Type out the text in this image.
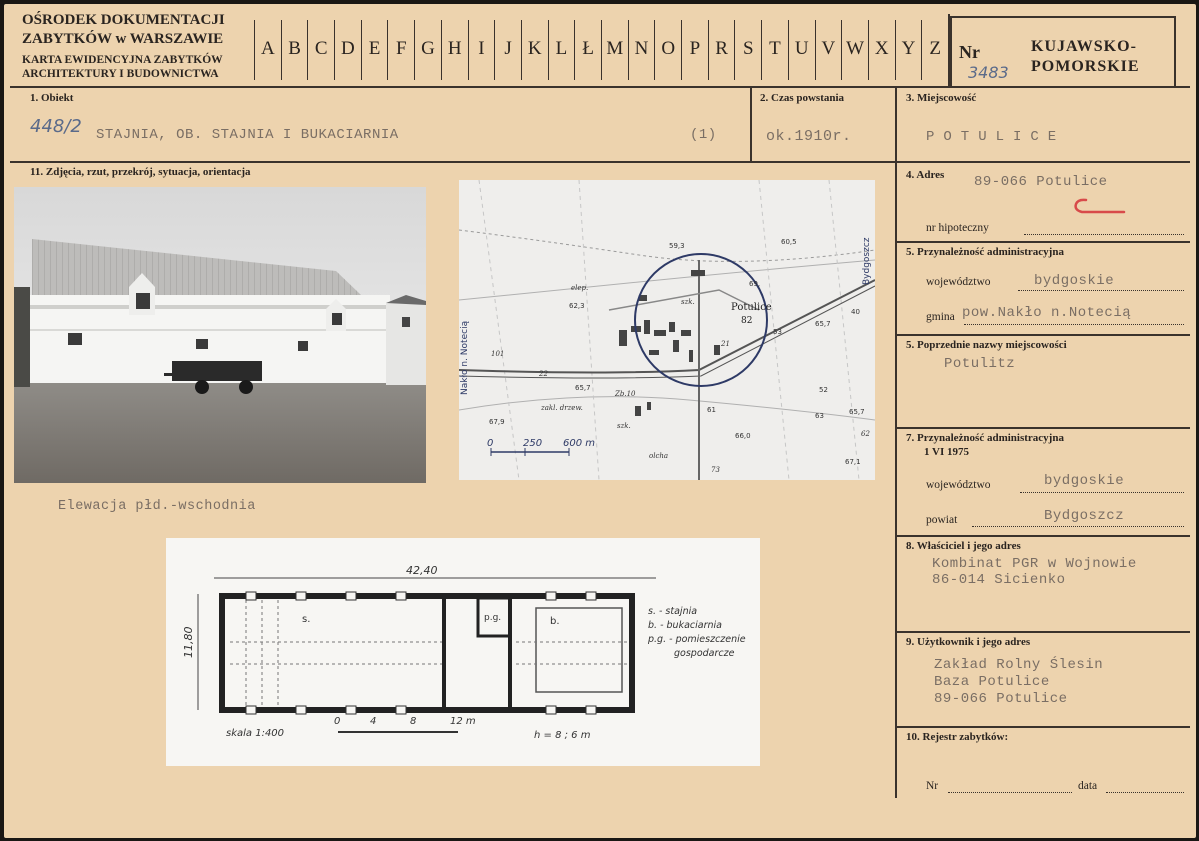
OŚRODEK DOKUMENTACJI
ZABYTKÓW w WARSZAWIE
KARTA EWIDENCYJNA ZABYTKÓW
ARCHITEKTURY I BUDOWNICTWA
A B C D E F G H I	J K L Ł M N O P R S T U V W X Y Z	Nr
3483
KUJAWSKO-
POMORSKIE
1. Obiekt
448/2 STAJNIA, OB. STAJNIA I BUKACIARNIA	(1)
2. Czas powstania
ok.1910r.
3. Miejscowość
POTULICE
11. Zdjęcia, rzut, przekrój, sytuacja, orientacja
Potulice
82
Nakło n. Notecią
Bydgoszcz
59,3	60,5
69,
62,3
65,7
65,7
67,9
61
66,0
63	65,7
67,1
53
52
40
elep.
szk.
zakl. drzew.
Zb.10
szk.
olcha
101
22
21
73
62
0	250 600 m
Elewacja płd.-wschodnia
42,40
11,80
s.	p.g.	b.
s. - stajnia
b. - bukaciarnia
p.g. - pomieszczenie
gospodarcze
skala 1:400
0	4	8	12 m
h = 8 ; 6 m
4. Adres 89-066 Potulice
nr hipoteczny
5. Przynależność administracyjna
województwo	bydgoskie
gmina pow.Nakło n.Notecią
5. Poprzednie nazwy miejscowości
Potulitz
7. Przynależność administracyjna
1 VI 1975
województwo	bydgoskie
powiat	Bydgoszcz
8. Właściciel i jego adres
Kombinat PGR w Wojnowie
86-014 Sicienko
9. Użytkownik i jego adres
Zakład Rolny Ślesin
Baza Potulice
89-066 Potulice
10. Rejestr zabytków:
Nr	data
